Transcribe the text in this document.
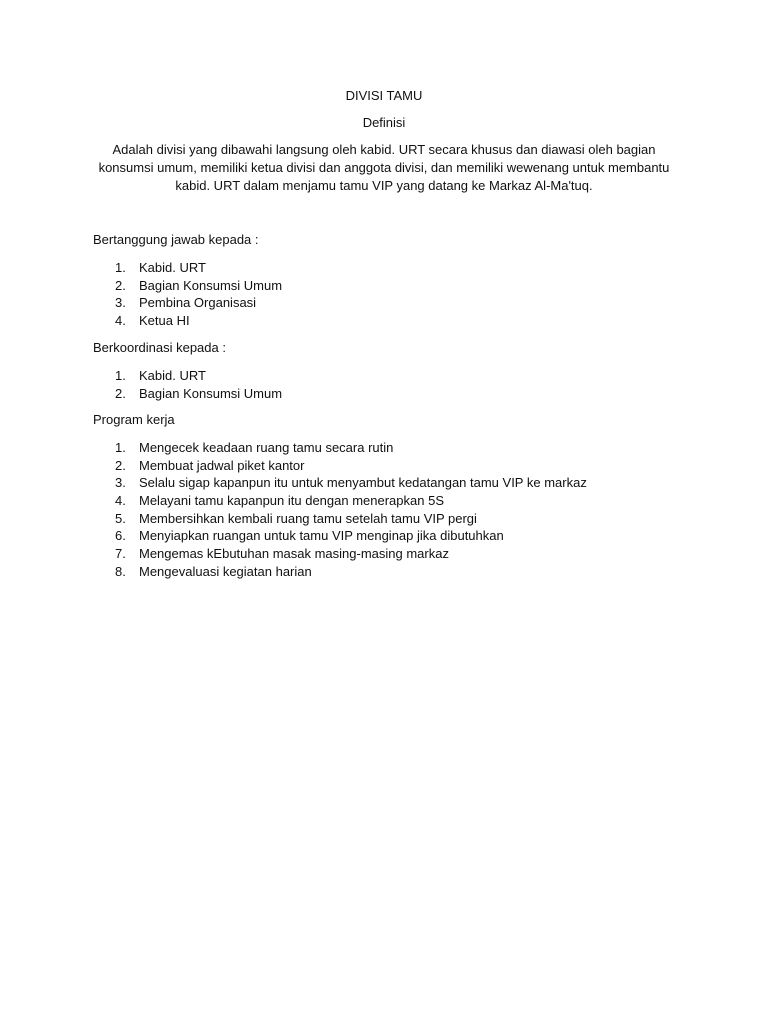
DIVISI TAMU
Definisi
Adalah divisi yang dibawahi langsung oleh kabid. URT secara khusus dan diawasi oleh bagian konsumsi umum, memiliki ketua divisi dan anggota divisi, dan memiliki wewenang untuk membantu kabid. URT dalam menjamu tamu VIP yang datang ke Markaz Al-Ma'tuq.
Bertanggung jawab kepada :
1.	Kabid. URT
2.	Bagian Konsumsi Umum
3.	Pembina Organisasi
4.	Ketua HI
Berkoordinasi kepada :
1.	Kabid. URT
2.	Bagian Konsumsi Umum
Program kerja
1.	Mengecek keadaan ruang tamu secara rutin
2.	Membuat jadwal piket kantor
3.	Selalu sigap kapanpun itu untuk menyambut kedatangan tamu VIP ke markaz
4.	Melayani tamu kapanpun itu dengan menerapkan 5S
5.	Membersihkan kembali ruang tamu setelah tamu VIP pergi
6.	Menyiapkan ruangan untuk tamu VIP menginap jika dibutuhkan
7.	Mengemas kEbutuhan masak masing-masing markaz
8.	Mengevaluasi kegiatan harian
